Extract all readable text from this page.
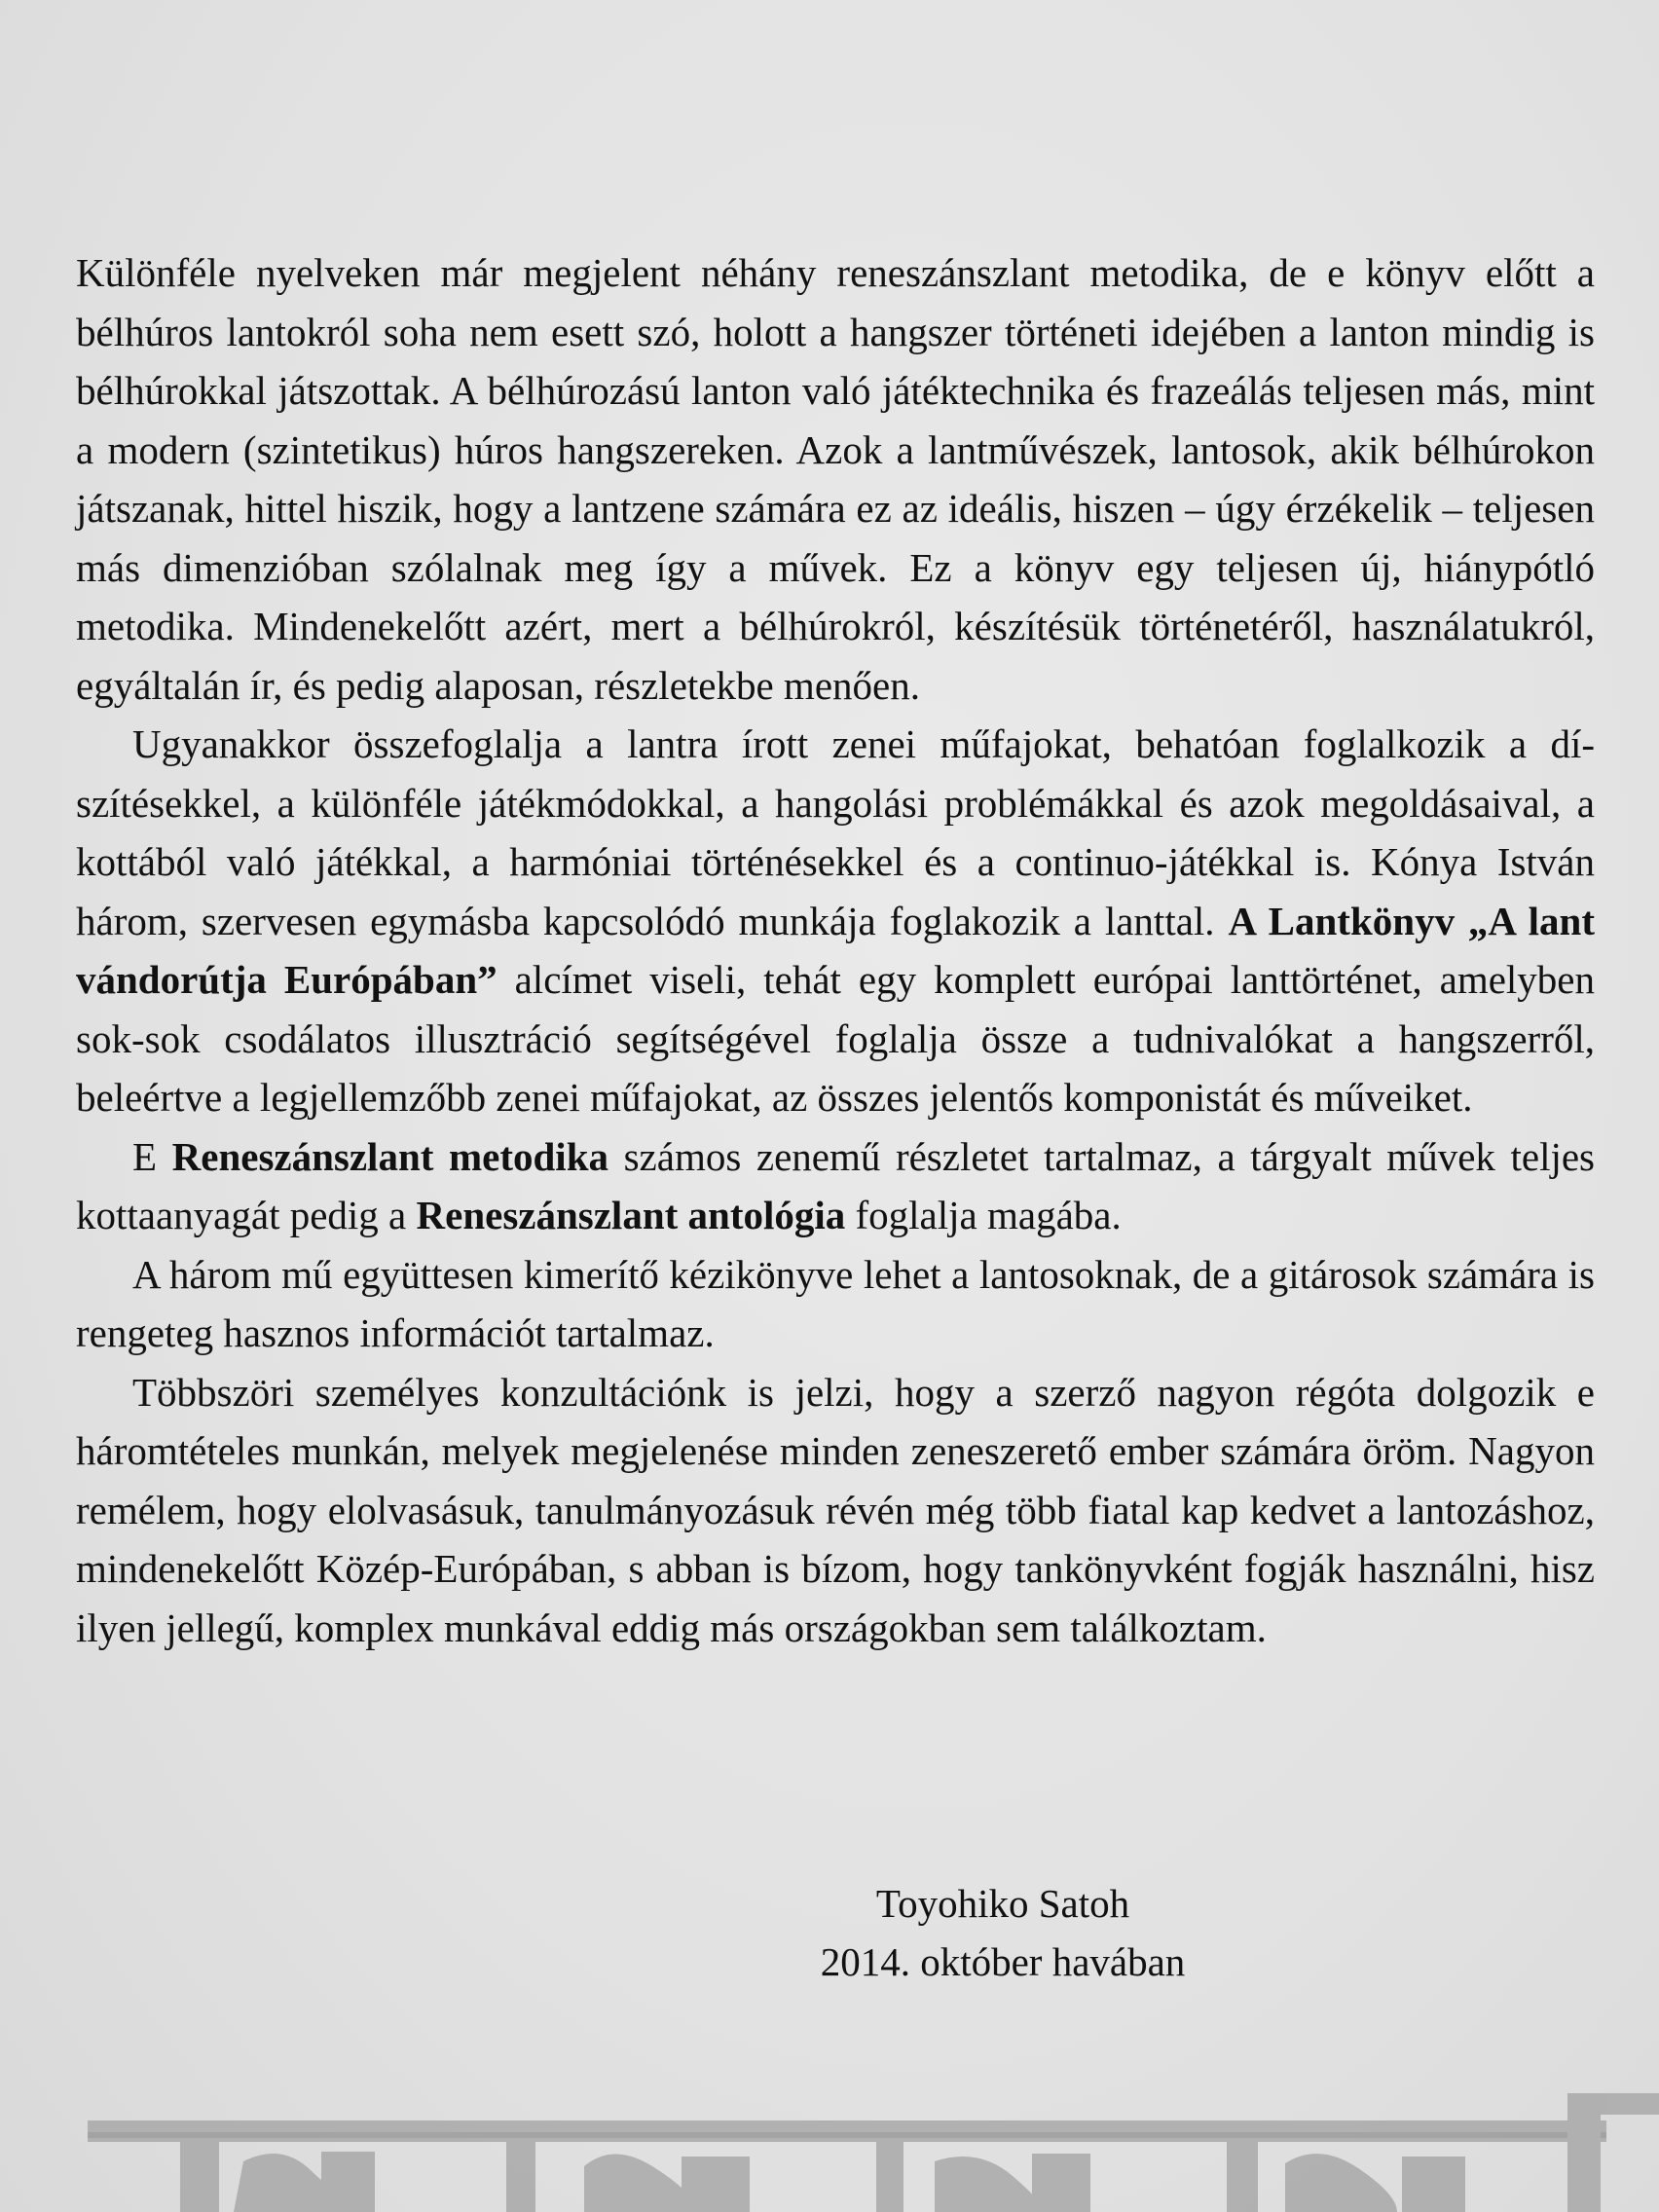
Különféle nyelveken már megjelent néhány reneszánszlant metodika, de e könyv előtt a bélhúros lantokról soha nem esett szó, holott a hangszer történeti idejében a lanton mindig is bélhúrokkal játszottak. A bélhúrozású lanton való játéktechnika és frazeálás teljesen más, mint a modern (szintetikus) húros hangszereken. Azok a lantművészek, lantosok, akik bélhúrokon játszanak, hittel hiszik, hogy a lantzene számára ez az ideális, hiszen – úgy érzékelik – teljesen más dimenzióban szólalnak meg így a művek. Ez a könyv egy teljesen új, hiánypótló metodika. Mindenekelőtt azért, mert a bélhúrokról, készítésük történetéről, használatukról, egyáltalán ír, és pedig alaposan, részletekbe menően.

Ugyanakkor összefoglalja a lantra írott zenei műfajokat, behatóan foglalkozik a díszítésekkel, a különféle játékmódokkal, a hangolási problémákkal és azok megoldásaival, a kottából való játékkal, a harmóniai történésekkel és a continuo-játékkal is. Kónya István három, szervesen egymásba kapcsolódó munkája foglakozik a lanttal. A Lantkönyv „A lant vándorútja Európában” alcímet viseli, tehát egy komplett európai lanttörténet, amelyben sok-sok csodálatos illusztráció segítségével foglalja össze a tudnivalókat a hangszerről, beleértve a legjellemzőbb zenei műfajokat, az összes jelentős komponistát és műveiket.

E Reneszánszlant metodika számos zenemű részletet tartalmaz, a tárgyalt művek teljes kottaanyagát pedig a Reneszánszlant antológia foglalja magába.

A három mű együttesen kimerítő kézikönyve lehet a lantosoknak, de a gitárosok számára is rengeteg hasznos információt tartalmaz.

Többszöri személyes konzultációnk is jelzi, hogy a szerző nagyon régóta dolgozik e háromtételes munkán, melyek megjelenése minden zeneszerető ember számára öröm. Nagyon remélem, hogy elolvasásuk, tanulmányozásuk révén még több fiatal kap kedvet a lantozáshoz, mindenekelőtt Közép-Európában, s abban is bízom, hogy tankönyvként fogják használni, hisz ilyen jellegű, komplex munkával eddig más országokban sem találkoztam.

Toyohiko Satoh
2014. október havában
